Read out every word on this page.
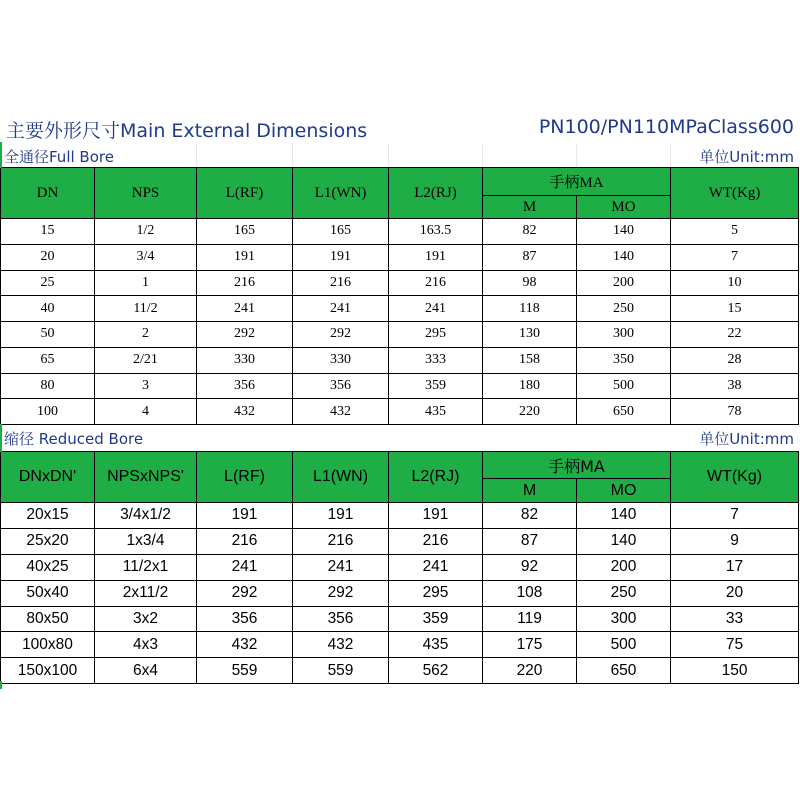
主要外形尺寸Main External Dimensions	PN100/PN110MPaClass600
全通径Full Bore	单位Unit:mm
DN	NPS	L(RF)	L1(WN)	L2(RJ)	手柄MA		WT(Kg)
					M	MO	
15	1/2	165	165	163.5	82	140	5
20	3/4	191	191	191	87	140	7
25	1	216	216	216	98	200	10
40	11/2	241	241	241	118	250	15
50	2	292	292	295	130	300	22
65	2/21	330	330	333	158	350	28
80	3	356	356	359	180	500	38
100	4	432	432	435	220	650	78
缩径 Reduced Bore	单位Unit:mm
DNxDN'	NPSxNPS'	L(RF)	L1(WN)	L2(RJ)	手柄MA		WT(Kg)
					M	MO	
20x15	3/4x1/2	191	191	191	82	140	7
25x20	1x3/4	216	216	216	87	140	9
40x25	11/2x1	241	241	241	92	200	17
50x40	2x11/2	292	292	295	108	250	20
80x50	3x2	356	356	359	119	300	33
100x80	4x3	432	432	435	175	500	75
150x100	6x4	559	559	562	220	650	150
